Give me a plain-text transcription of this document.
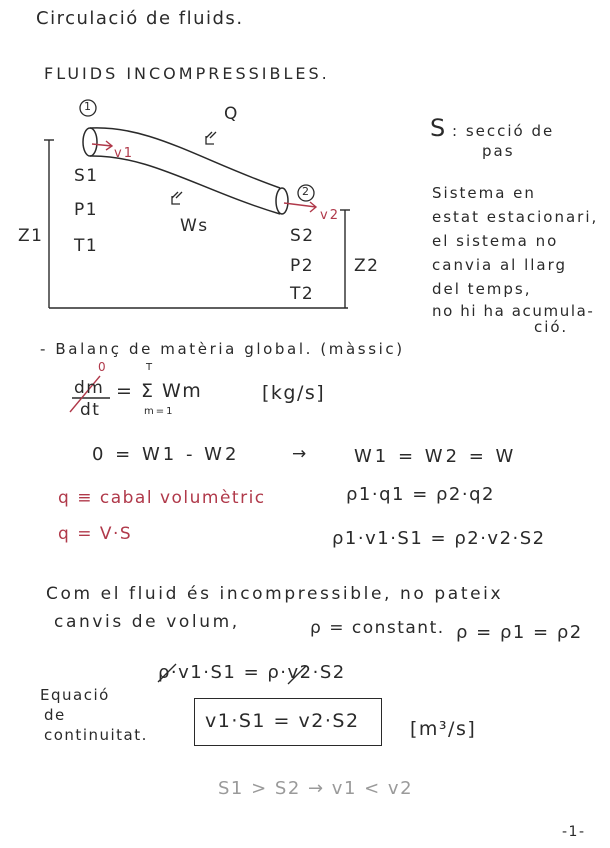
Circulació de fluids.
FLUIDS INCOMPRESSIBLES.
1
2
Q
Ws
v1
v2
S1
P1
T1	S2
P2
T2
Z1
Z2
S : secció de
pas
Sistema en
estat estacionari,
el sistema no
canvia al llarg
del temps,
no hi ha acumula-
ció.
- Balanç de matèria global. (màssic)
0
dm
dt
T
= Σ Wm
m=1
[kg/s]
0 = W1 - W2	→	W1 = W2 = W
q ≡ cabal volumètric
q = V·S
ρ1·q1 = ρ2·q2
ρ1·v1·S1 = ρ2·v2·S2
Com el fluid és incompressible, no pateix
canvis de volum,	ρ = constant. ρ = ρ1 = ρ2
ρ·v1·S1 = ρ·v2·S2
Equació
de
continuitat.
v1·S1 = v2·S2	[m³/s]
S1 > S2 → v1 < v2
-1-
